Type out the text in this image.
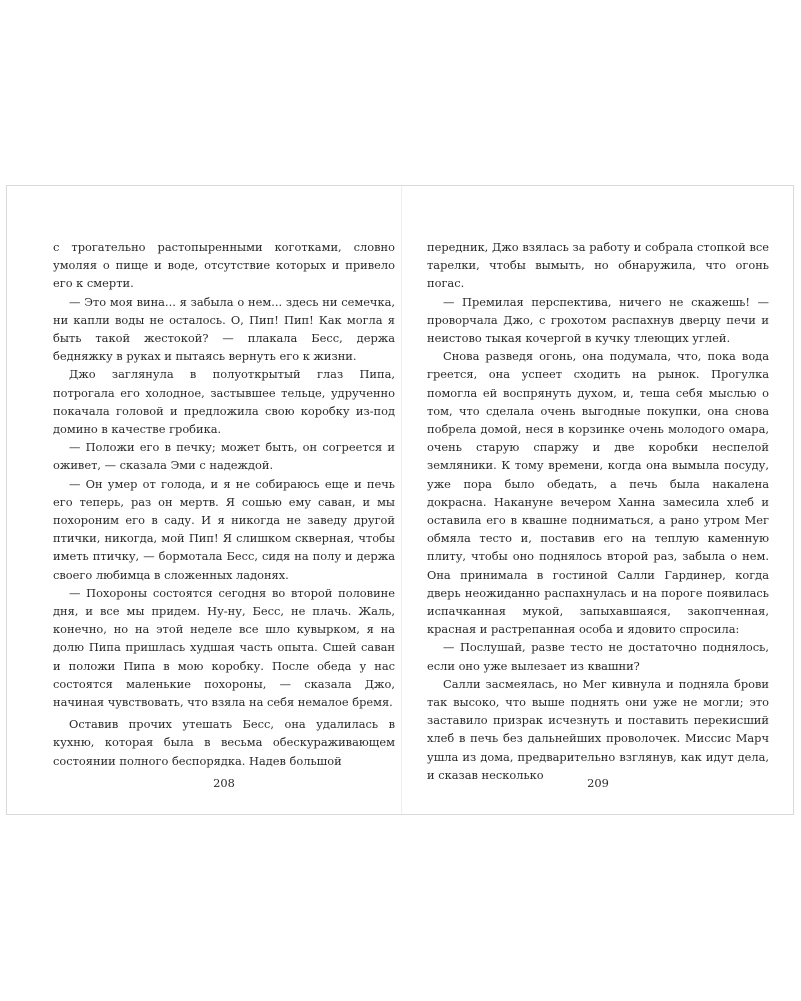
с трогательно растопыренными коготками, словно умоляя о пище и воде, отсутствие которых и привело его к смерти.

— Это моя вина... я забыла о нем... здесь ни семечка, ни капли воды не осталось. О, Пип! Пип! Как могла я быть такой жестокой? — плакала Бесс, держа бедняжку в руках и пытаясь вернуть его к жизни.

Джо заглянула в полуоткрытый глаз Пипа, потрогала его холодное, застывшее тельце, удрученно покачала головой и предложила свою коробку из-под домино в качестве гробика.

— Положи его в печку; может быть, он согреется и оживет, — сказала Эми с надеждой.

— Он умер от голода, и я не собираюсь еще и печь его теперь, раз он мертв. Я сошью ему саван, и мы похороним его в саду. И я никогда не заведу другой птички, никогда, мой Пип! Я слишком скверная, чтобы иметь птичку, — бормотала Бесс, сидя на полу и держа своего любимца в сложенных ладонях.

— Похороны состоятся сегодня во второй половине дня, и все мы придем. Ну-ну, Бесс, не плачь. Жаль, конечно, но на этой неделе все шло кувырком, я на долю Пипа пришлась худшая часть опыта. Сшей саван и положи Пипа в мою коробку. После обеда у нас состоятся маленькие похороны, — сказала Джо, начиная чувствовать, что взяла на себя немалое бремя.

Оставив прочих утешать Бесс, она удалилась в кухню, которая была в весьма обескураживающем состоянии полного беспорядка. Надев большой

208

передник, Джо взялась за работу и собрала стопкой все тарелки, чтобы вымыть, но обнаружила, что огонь погас.

— Премилая перспектива, ничего не скажешь! — проворчала Джо, с грохотом распахнув дверцу печи и неистово тыкая кочергой в кучку тлеющих углей.

Снова разведя огонь, она подумала, что, пока вода греется, она успеет сходить на рынок. Прогулка помогла ей воспрянуть духом, и, теша себя мыслью о том, что сделала очень выгодные покупки, она снова побрела домой, неся в корзинке очень молодого омара, очень старую спаржу и две коробки неспелой земляники. К тому времени, когда она вымыла посуду, уже пора было обедать, а печь была накалена докрасна. Накануне вечером Ханна замесила хлеб и оставила его в квашне подниматься, а рано утром Мег обмяла тесто и, поставив его на теплую каменную плиту, чтобы оно поднялось второй раз, забыла о нем. Она принимала в гостиной Салли Гардинер, когда дверь неожиданно распахнулась и на пороге появилась испачканная мукой, запыхавшаяся, закопченная, красная и растрепанная особа и ядовито спросила:

— Послушай, разве тесто не достаточно поднялось, если оно уже вылезает из квашни?

Салли засмеялась, но Мег кивнула и подняла брови так высоко, что выше поднять они уже не могли; это заставило призрак исчезнуть и поставить перекисший хлеб в печь без дальнейших проволочек. Миссис Марч ушла из дома, предварительно взглянув, как идут дела, и сказав несколько

209
